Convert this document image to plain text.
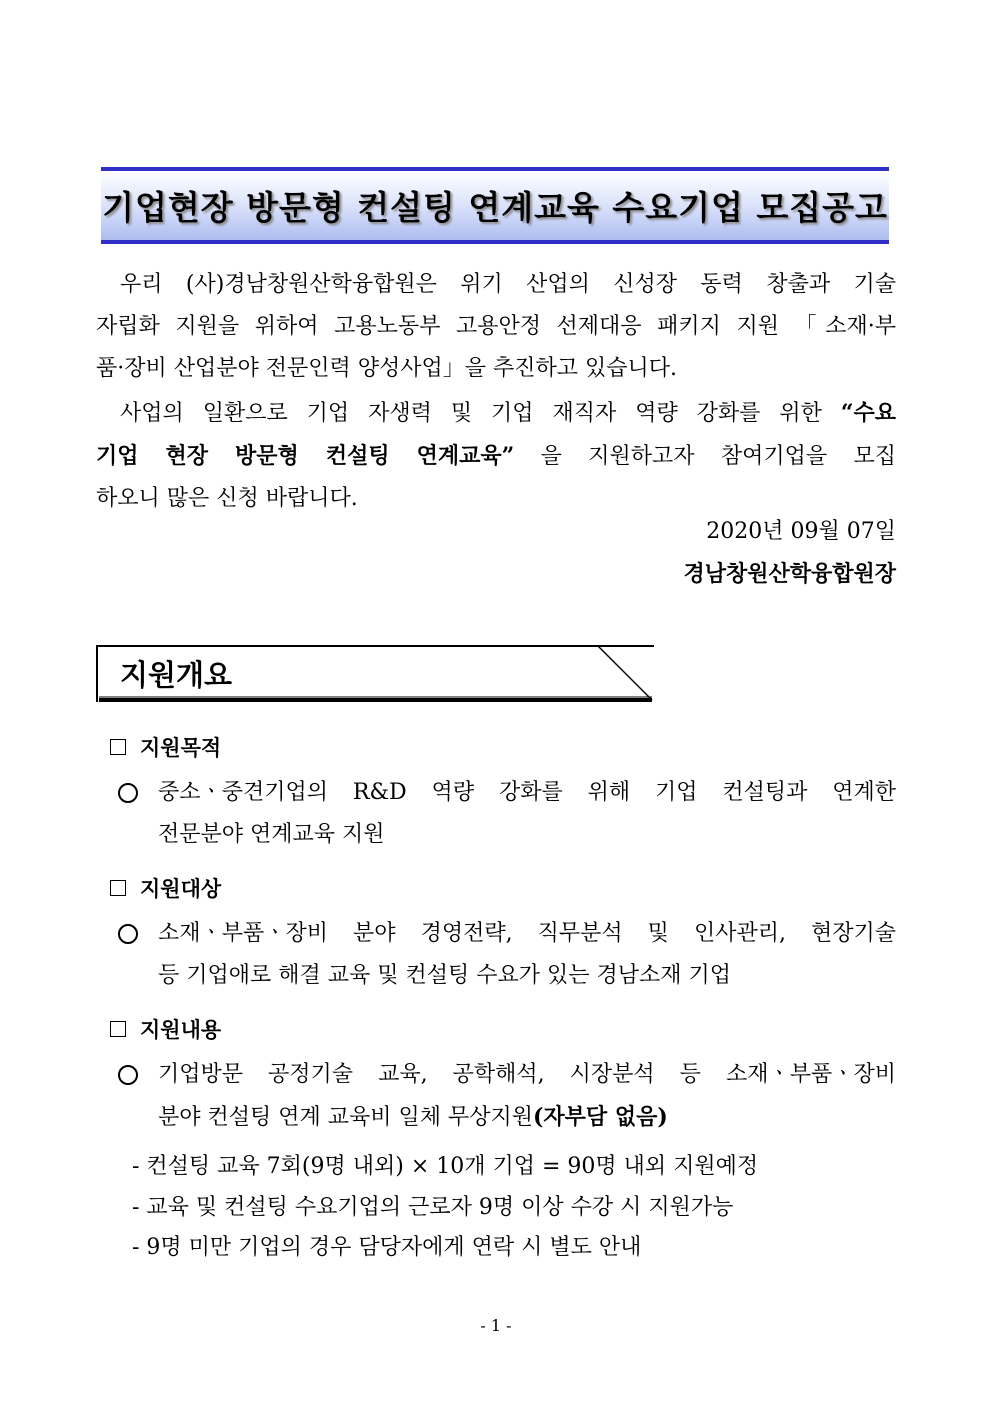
기업현장 방문형 컨설팅 연계교육 수요기업 모집공고
우리 (사)경남창원산학융합원은 위기 산업의 신성장 동력 창출과 기술
자립화 지원을 위하여 고용노동부 고용안정 선제대응 패키지 지원 「소재·부
품·장비 산업분야 전문인력 양성사업」을 추진하고 있습니다.
사업의 일환으로 기업 자생력 및 기업 재직자 역량 강화를 위한 “수요
기업 현장 방문형 컨설팅 연계교육” 을 지원하고자 참여기업을 모집
하오니 많은 신청 바랍니다.
2020년 09월 07일
경남창원산학융합원장
지원개요
지원목적
중소ㆍ중견기업의 R&D 역량 강화를 위해 기업 컨설팅과 연계한
전문분야 연계교육 지원
지원대상
소재ㆍ부품ㆍ장비 분야 경영전략, 직무분석 및 인사관리, 현장기술
등 기업애로 해결 교육 및 컨설팅 수요가 있는 경남소재 기업
지원내용
기업방문 공정기술 교육, 공학해석, 시장분석 등 소재ㆍ부품ㆍ장비
분야 컨설팅 연계 교육비 일체 무상지원(자부담 없음)
- 컨설팅 교육 7회(9명 내외) × 10개 기업 = 90명 내외 지원예정
- 교육 및 컨설팅 수요기업의 근로자 9명 이상 수강 시 지원가능
- 9명 미만 기업의 경우 담당자에게 연락 시 별도 안내
- 1 -
